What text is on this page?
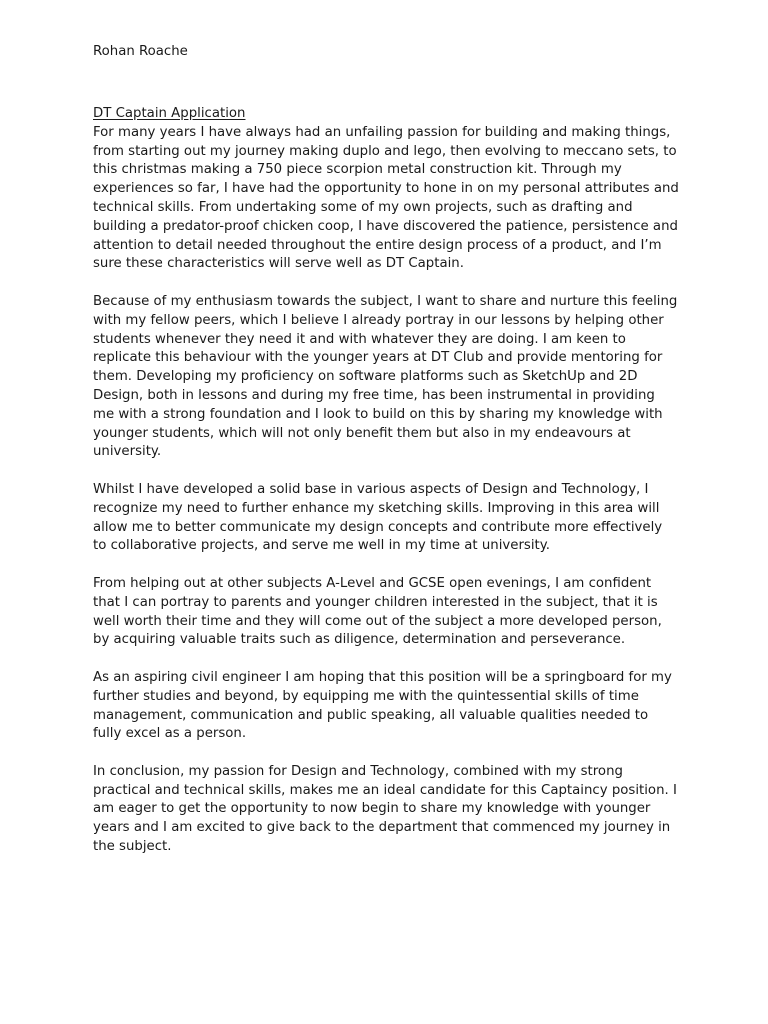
Rohan Roache

DT Captain Application

For many years I have always had an unfailing passion for building and making things, from starting out my journey making duplo and lego, then evolving to meccano sets, to this christmas making a 750 piece scorpion metal construction kit. Through my experiences so far, I have had the opportunity to hone in on my personal attributes and technical skills. From undertaking some of my own projects, such as drafting and building a predator-proof chicken coop, I have discovered the patience, persistence and attention to detail needed throughout the entire design process of a product, and I’m sure these characteristics will serve well as DT Captain.

Because of my enthusiasm towards the subject, I want to share and nurture this feeling with my fellow peers, which I believe I already portray in our lessons by helping other students whenever they need it and with whatever they are doing. I am keen to replicate this behaviour with the younger years at DT Club and provide mentoring for them. Developing my proficiency on software platforms such as SketchUp and 2D Design, both in lessons and during my free time, has been instrumental in providing me with a strong foundation and I look to build on this by sharing my knowledge with younger students, which will not only benefit them but also in my endeavours at university.

Whilst I have developed a solid base in various aspects of Design and Technology, I recognize my need to further enhance my sketching skills. Improving in this area will allow me to better communicate my design concepts and contribute more effectively to collaborative projects, and serve me well in my time at university.

From helping out at other subjects A-Level and GCSE open evenings, I am confident that I can portray to parents and younger children interested in the subject, that it is well worth their time and they will come out of the subject a more developed person, by acquiring valuable traits such as diligence, determination and perseverance.

As an aspiring civil engineer I am hoping that this position will be a springboard for my further studies and beyond, by equipping me with the quintessential skills of time management, communication and public speaking, all valuable qualities needed to fully excel as a person.

In conclusion, my passion for Design and Technology, combined with my strong practical and technical skills, makes me an ideal candidate for this Captaincy position. I am eager to get the opportunity to now begin to share my knowledge with younger years and I am excited to give back to the department that commenced my journey in the subject.
